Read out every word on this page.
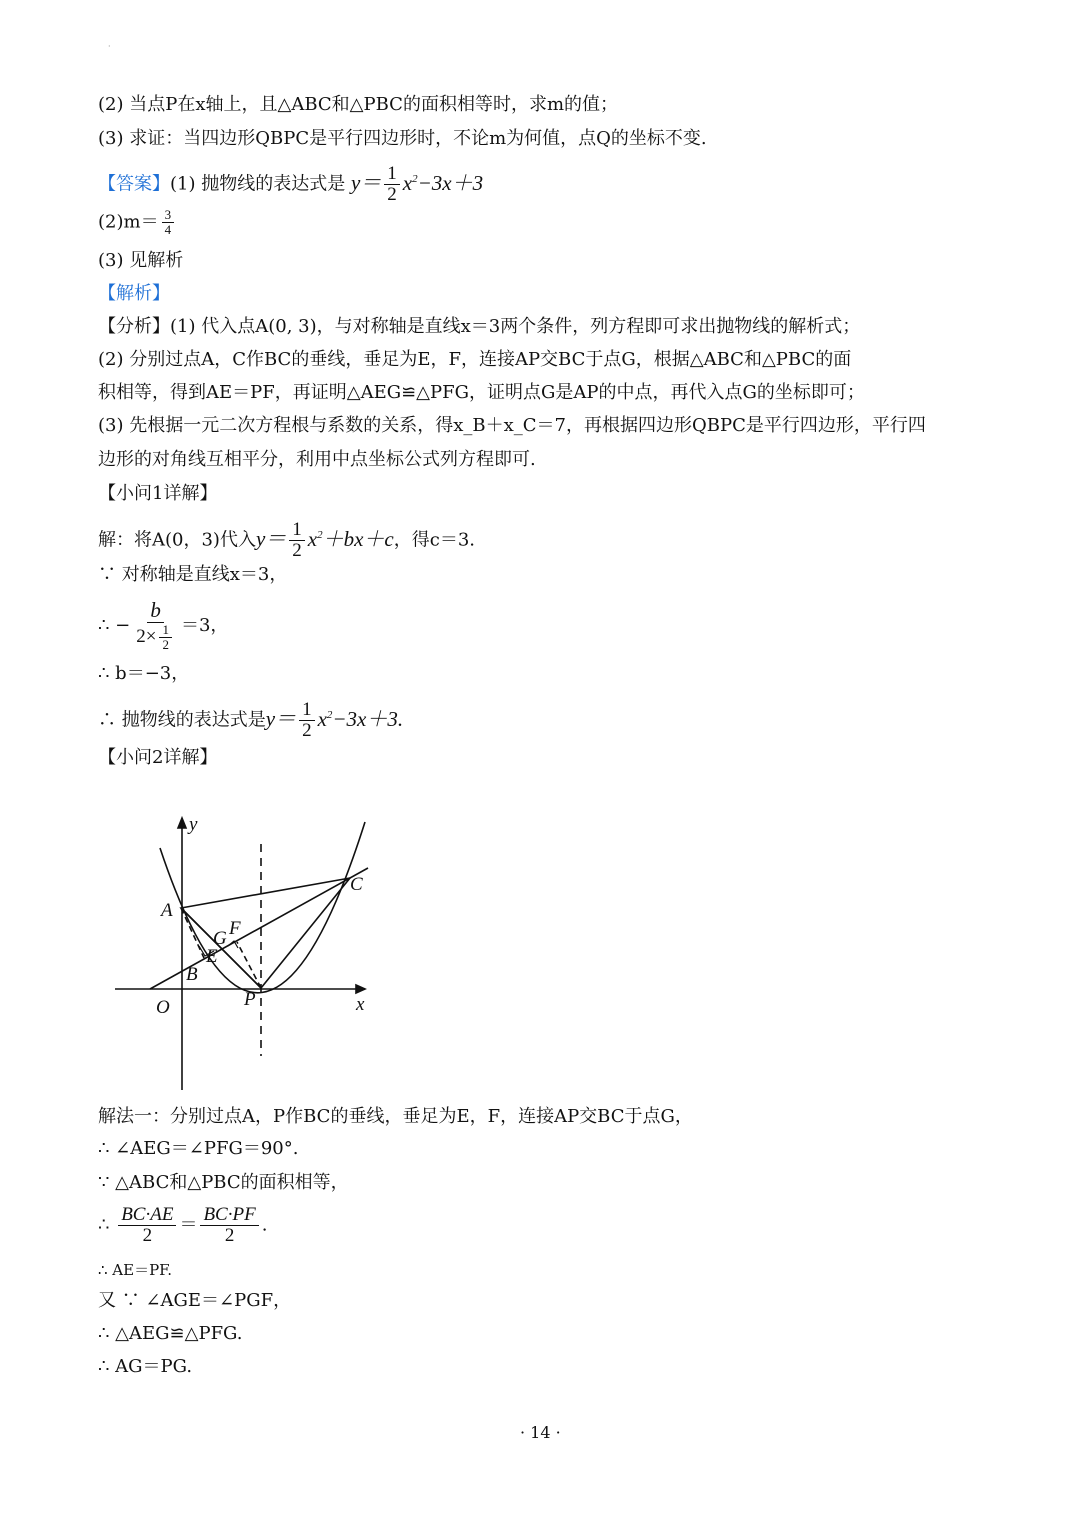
·
(2) 当点P在x轴上，且△ABC和△PBC的面积相等时，求m的值；
(3) 求证：当四边形QBPC是平行四边形时，不论m为何值，点Q的坐标不变.
【答案】(1) 抛物线的表达式是 $y= \frac{1}{2} x^2-3x+3$
$(2)m= \frac{3}{4}$
(3) 见解析
【解析】
【分析】(1) 代入点A(0, 3)，与对称轴是直线x＝3两个条件，列方程即可求出抛物线的解析式；
(2) 分别过点A，C作BC的垂线，垂足为E，F，连接AP交BC于点G，根据△ABC和△PBC的面
积相等，得到AE＝PF，再证明△AEG≌△PFG，证明点G是AP的中点，再代入点G的坐标即可；
(3) 先根据一元二次方程根与系数的关系，得x_B＋x_C＝7，再根据四边形QBPC是平行四边形，平行四
边形的对角线互相平分，利用中点坐标公式列方程即可.
【小问1详解】
解：将A(0，3)代入$y= \frac{1}{2} x^2+bx+c$，得c＝3.
∵ 对称轴是直线x＝3，
∴ − $\frac{b}{2\times \frac{1}{2}} =3$，
∴ b＝−3，
∴ 抛物线的表达式是$y= \frac{1}{2} x^2-3x+3$.
【小问2详解】
y
x
O
A
B
C
P
G
E
F
解法一：分别过点A，P作BC的垂线，垂足为E，F，连接AP交BC于点G，
∴ ∠AEG＝∠PFG＝90°.
∵ △ABC和△PBC的面积相等，
∴ $\frac{BC\cdot AE}{2} = \frac{BC\cdot PF}{2}$ .
∴ AE＝PF.
又 ∵ ∠AGE＝∠PGF，
∴ △AEG≌△PFG.
∴ AG＝PG.
· 14 ·
